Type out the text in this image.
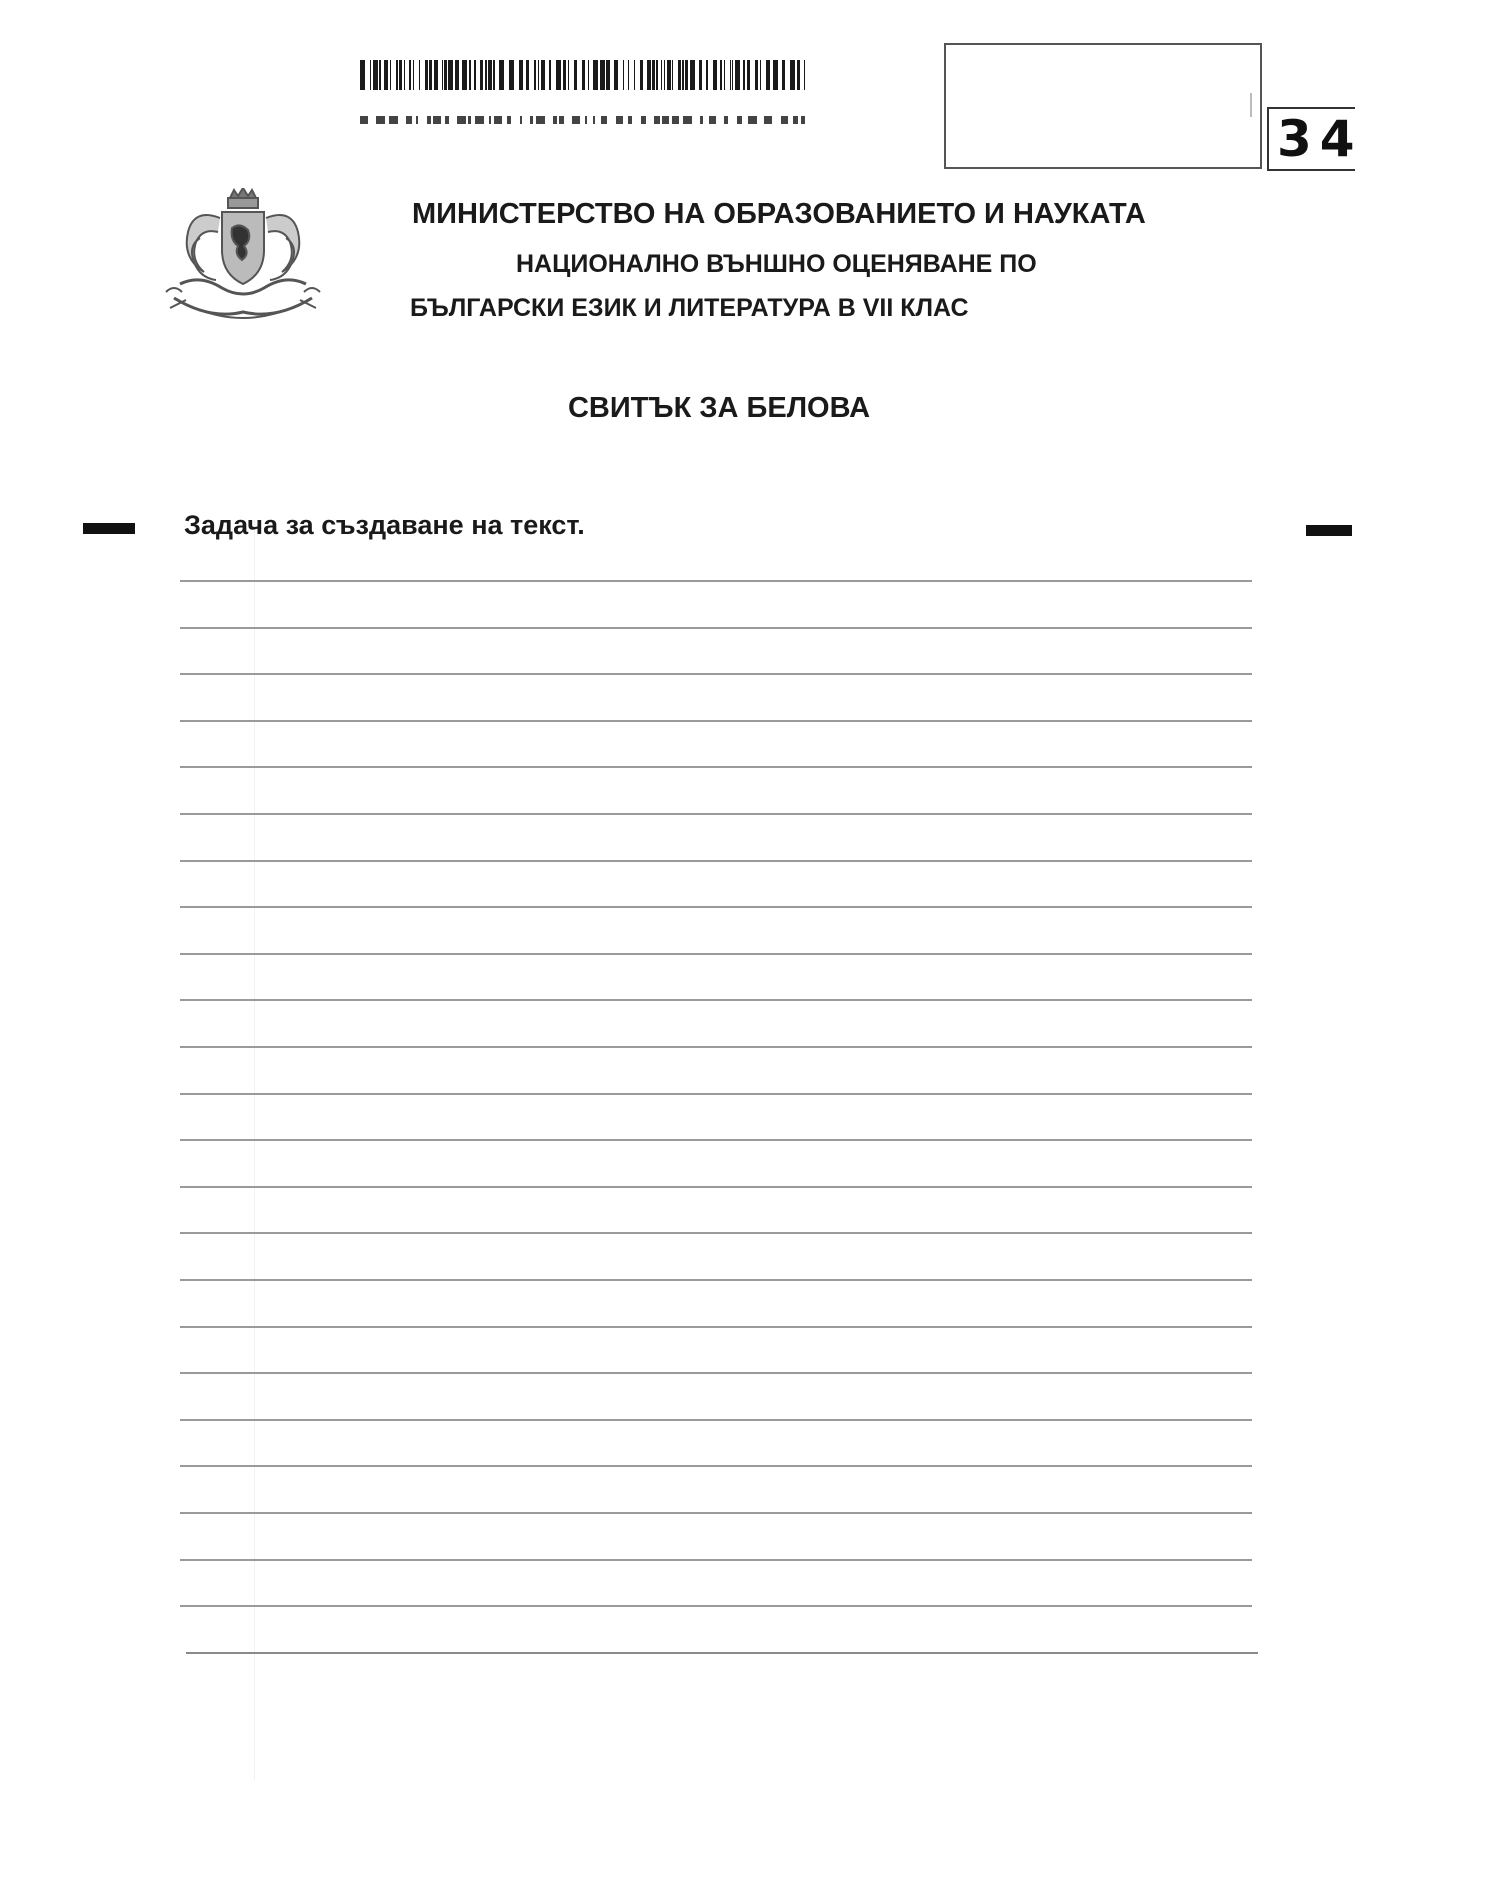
34
МИНИСТЕРСТВО НА ОБРАЗОВАНИЕТО И НАУКАТА
НАЦИОНАЛНО ВЪНШНО ОЦЕНЯВАНЕ ПО
БЪЛГАРСКИ ЕЗИК И ЛИТЕРАТУРА В VII КЛАС
СВИТЪК ЗА БЕЛОВА
Задача за създаване на текст.
